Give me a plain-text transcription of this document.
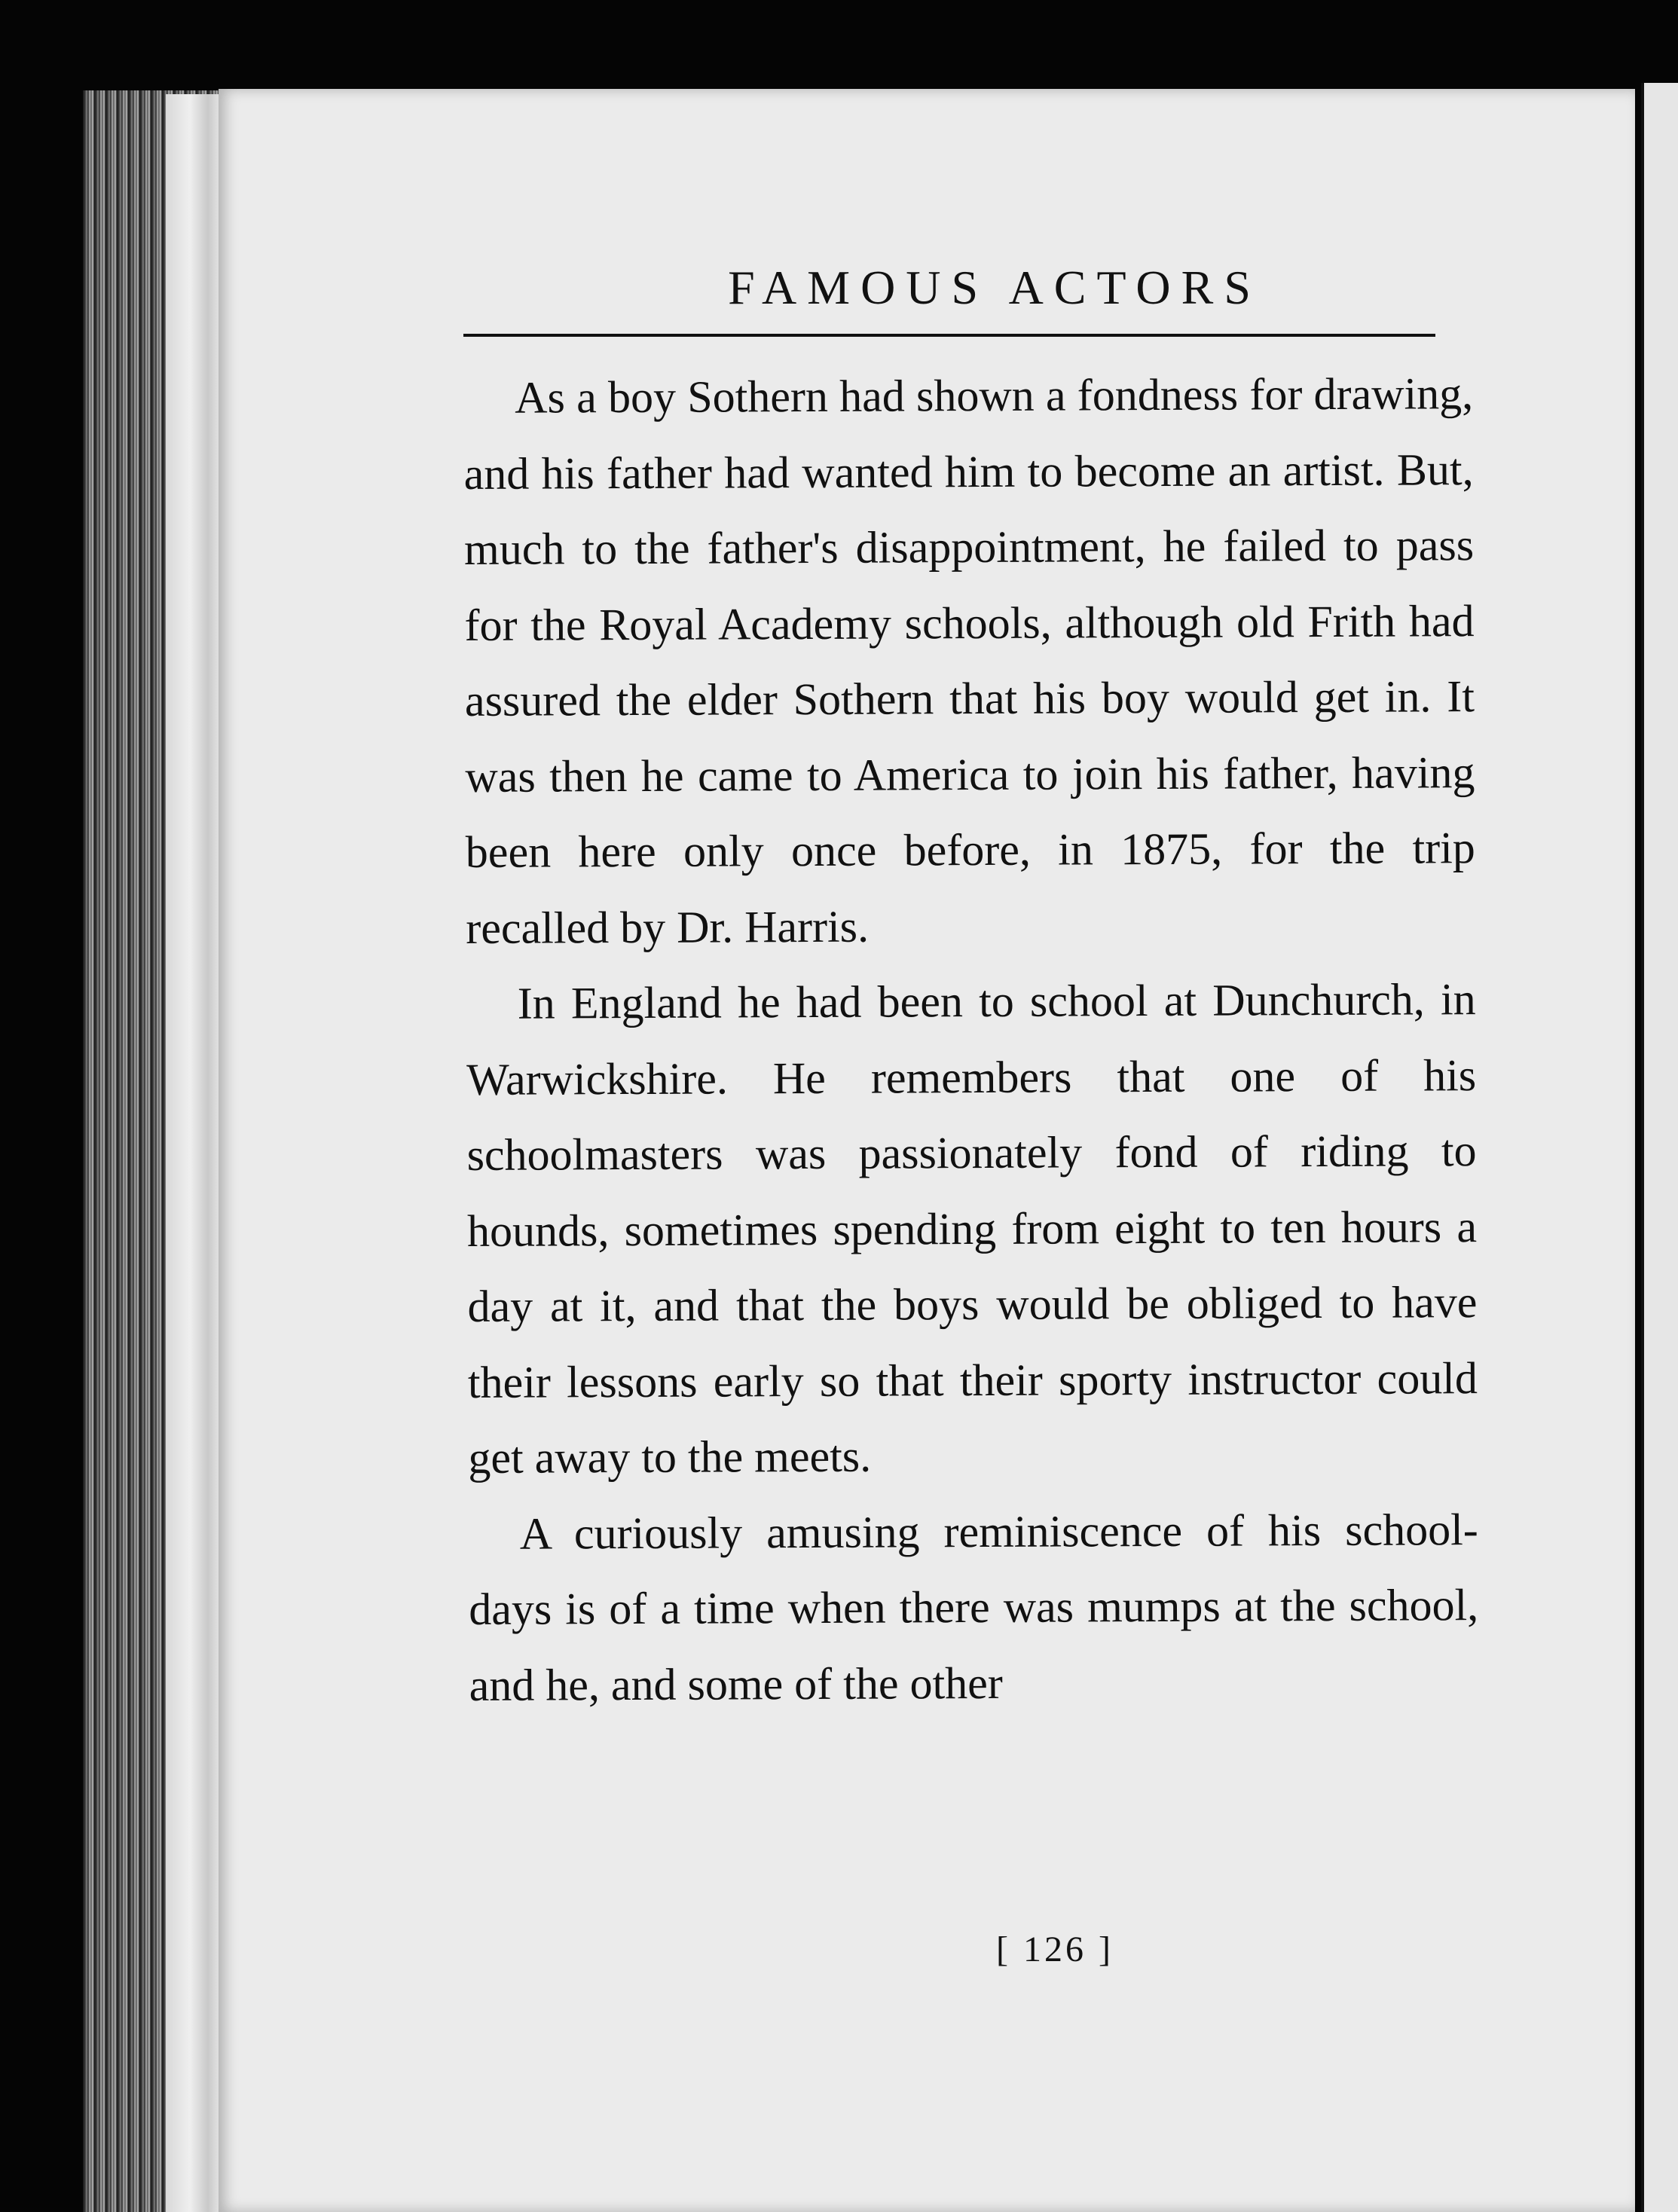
FAMOUS ACTORS

As a boy Sothern had shown a fondness for drawing, and his father had wanted him to become an artist. But, much to the father's disappointment, he failed to pass for the Royal Academy schools, although old Frith had assured the elder Sothern that his boy would get in. It was then he came to America to join his father, having been here only once before, in 1875, for the trip recalled by Dr. Harris.

In England he had been to school at Dunchurch, in Warwickshire. He remembers that one of his schoolmasters was passionately fond of riding to hounds, sometimes spending from eight to ten hours a day at it, and that the boys would be obliged to have their lessons early so that their sporty instructor could get away to the meets.

A curiously amusing reminiscence of his school-days is of a time when there was mumps at the school, and he, and some of the other

[ 126 ]
